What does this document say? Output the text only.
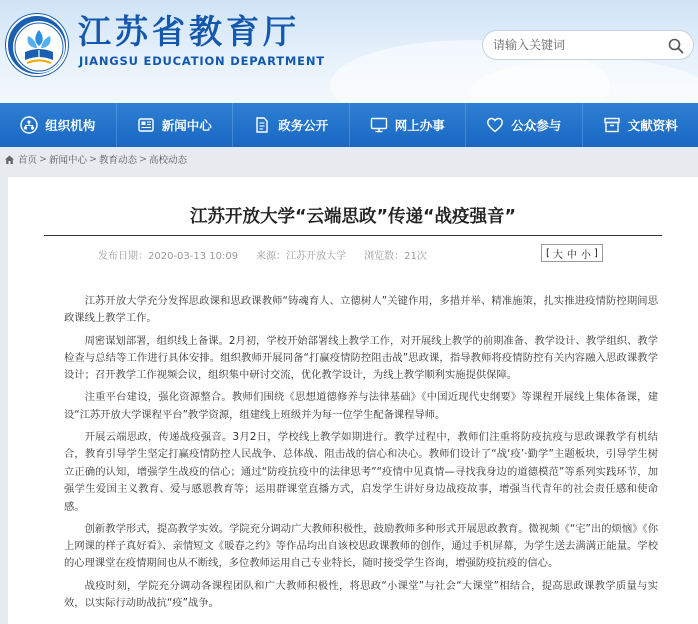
江苏省教育厅
JIANGSU EDUCATION DEPARTMENT
请输入关键词
组织机构	新闻中心	政务公开	网上办事	公众参与	文献资料
首页 > 新闻中心 > 教育动态 > 高校动态
江苏开放大学“云端思政”传递“战疫强音”
发布日期：2020-03-13 10:09 来源：江苏开放大学 浏览数：21次	[ 大 中 小 ]

江苏开放大学充分发挥思政课和思政课教师“铸魂育人、立德树人”关键作用，多措并举、精准施策，扎实推进疫情防控期间思政课线上教学工作。

周密谋划部署，组织线上备课。2月初，学校开始部署线上教学工作，对开展线上教学的前期准备、教学设计、教学组织、教学检查与总结等工作进行具体安排。组织教师开展同备“打赢疫情防控阻击战”思政课，指导教师将疫情防控有关内容融入思政课教学设计；召开教学工作视频会议，组织集中研讨交流，优化教学设计，为线上教学顺利实施提供保障。

注重平台建设，强化资源整合。教师们围绕《思想道德修养与法律基础》《中国近现代史纲要》等课程开展线上集体备课，建设“江苏开放大学课程平台”教学资源，组建线上班级并为每一位学生配备课程导师。

开展云端思政，传递战疫强音。3月2日，学校线上教学如期进行。教学过程中，教师们注重将防疫抗疫与思政课教学有机结合，教育引导学生坚定打赢疫情防控人民战争、总体战、阻击战的信心和决心。教师们设计了“战‘疫’·勤学”主题板块，引导学生树立正确的认知，增强学生战疫的信心；通过“防疫抗疫中的法律思考”“疫情中见真情—寻找我身边的道德模范”等系列实践环节，加强学生爱国主义教育、爱与感恩教育等；运用群课堂直播方式，启发学生讲好身边战疫故事，增强当代青年的社会责任感和使命感。

创新教学形式，提高教学实效。学院充分调动广大教师积极性，鼓励教师多种形式开展思政教育。微视频《“宅”出的烦恼》《你上网课的样子真好看》、亲情短文《暖春之约》等作品均出自该校思政课教师的创作，通过手机屏幕，为学生送去满满正能量。学校的心理课堂在疫情期间也从不断线，多位教师运用自己专业特长，随时接受学生咨询，增强防疫抗疫的信心。

战疫时刻，学院充分调动各课程团队和广大教师积极性，将思政“小课堂”与社会“大课堂”相结合，提高思政课教学质量与实效，以实际行动助战抗“疫”战争。
